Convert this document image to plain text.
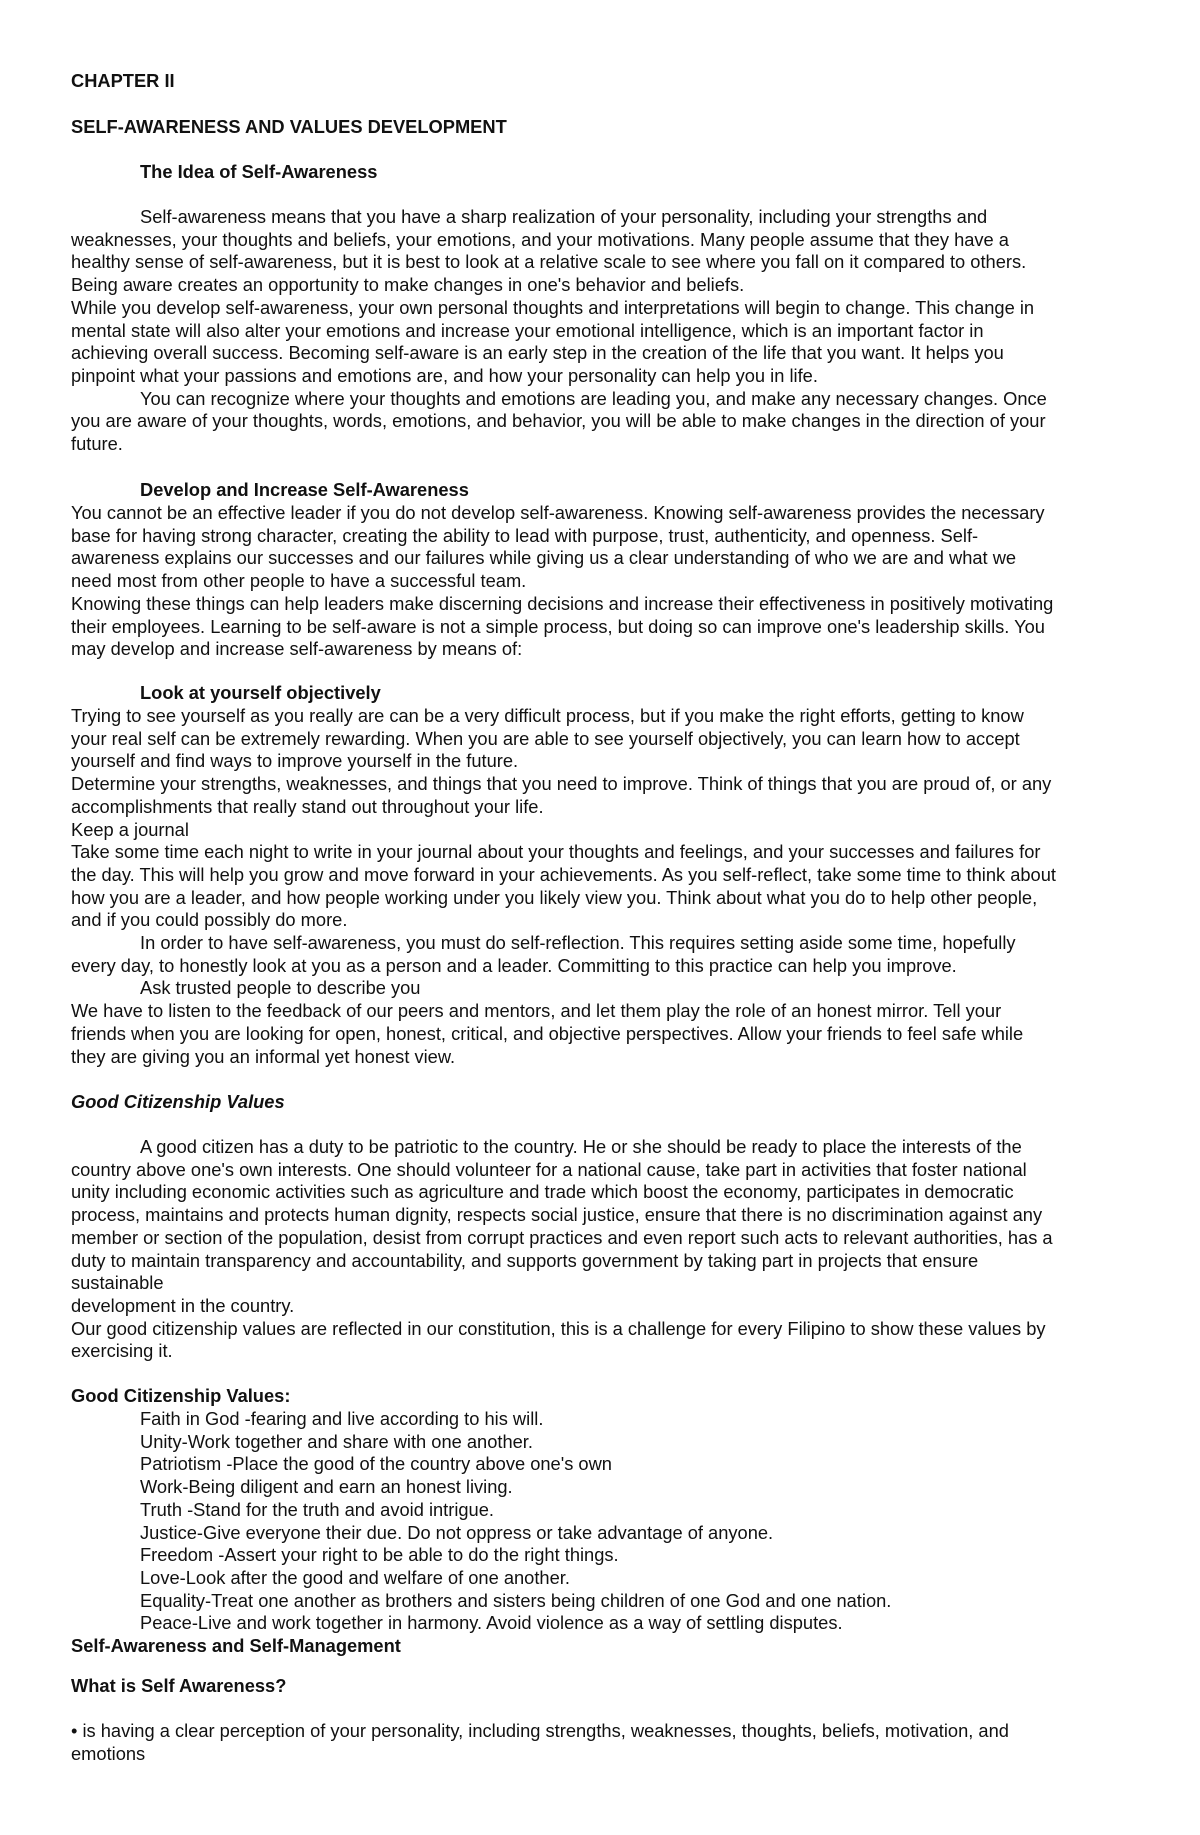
CHAPTER II
SELF-AWARENESS AND VALUES DEVELOPMENT
The Idea of Self-Awareness
Self-awareness means that you have a sharp realization of your personality, including your strengths and
weaknesses, your thoughts and beliefs, your emotions, and your motivations. Many people assume that they have a
healthy sense of self-awareness, but it is best to look at a relative scale to see where you fall on it compared to others.
Being aware creates an opportunity to make changes in one's behavior and beliefs.
While you develop self-awareness, your own personal thoughts and interpretations will begin to change. This change in
mental state will also alter your emotions and increase your emotional intelligence, which is an important factor in
achieving overall success. Becoming self-aware is an early step in the creation of the life that you want. It helps you
pinpoint what your passions and emotions are, and how your personality can help you in life.
You can recognize where your thoughts and emotions are leading you, and make any necessary changes. Once
you are aware of your thoughts, words, emotions, and behavior, you will be able to make changes in the direction of your
future.
Develop and Increase Self-Awareness
You cannot be an effective leader if you do not develop self-awareness. Knowing self-awareness provides the necessary
base for having strong character, creating the ability to lead with purpose, trust, authenticity, and openness. Self-
awareness explains our successes and our failures while giving us a clear understanding of who we are and what we
need most from other people to have a successful team.
Knowing these things can help leaders make discerning decisions and increase their effectiveness in positively motivating
their employees. Learning to be self-aware is not a simple process, but doing so can improve one's leadership skills. You
may develop and increase self-awareness by means of:
Look at yourself objectively
Trying to see yourself as you really are can be a very difficult process, but if you make the right efforts, getting to know
your real self can be extremely rewarding. When you are able to see yourself objectively, you can learn how to accept
yourself and find ways to improve yourself in the future.
Determine your strengths, weaknesses, and things that you need to improve. Think of things that you are proud of, or any
accomplishments that really stand out throughout your life.
Keep a journal
Take some time each night to write in your journal about your thoughts and feelings, and your successes and failures for
the day. This will help you grow and move forward in your achievements. As you self-reflect, take some time to think about
how you are a leader, and how people working under you likely view you. Think about what you do to help other people,
and if you could possibly do more.
In order to have self-awareness, you must do self-reflection. This requires setting aside some time, hopefully
every day, to honestly look at you as a person and a leader. Committing to this practice can help you improve.
Ask trusted people to describe you
We have to listen to the feedback of our peers and mentors, and let them play the role of an honest mirror. Tell your
friends when you are looking for open, honest, critical, and objective perspectives. Allow your friends to feel safe while
they are giving you an informal yet honest view.
Good Citizenship Values
A good citizen has a duty to be patriotic to the country. He or she should be ready to place the interests of the
country above one's own interests. One should volunteer for a national cause, take part in activities that foster national
unity including economic activities such as agriculture and trade which boost the economy, participates in democratic
process, maintains and protects human dignity, respects social justice, ensure that there is no discrimination against any
member or section of the population, desist from corrupt practices and even report such acts to relevant authorities, has a
duty to maintain transparency and accountability, and supports government by taking part in projects that ensure
sustainable
development in the country.
Our good citizenship values are reflected in our constitution, this is a challenge for every Filipino to show these values by
exercising it.
Good Citizenship Values:
Faith in God -fearing and live according to his will.
Unity-Work together and share with one another.
Patriotism -Place the good of the country above one's own
Work-Being diligent and earn an honest living.
Truth -Stand for the truth and avoid intrigue.
Justice-Give everyone their due. Do not oppress or take advantage of anyone.
Freedom -Assert your right to be able to do the right things.
Love-Look after the good and welfare of one another.
Equality-Treat one another as brothers and sisters being children of one God and one nation.
Peace-Live and work together in harmony. Avoid violence as a way of settling disputes.
Self-Awareness and Self-Management
What is Self Awareness?
• is having a clear perception of your personality, including strengths, weaknesses, thoughts, beliefs, motivation, and
emotions
